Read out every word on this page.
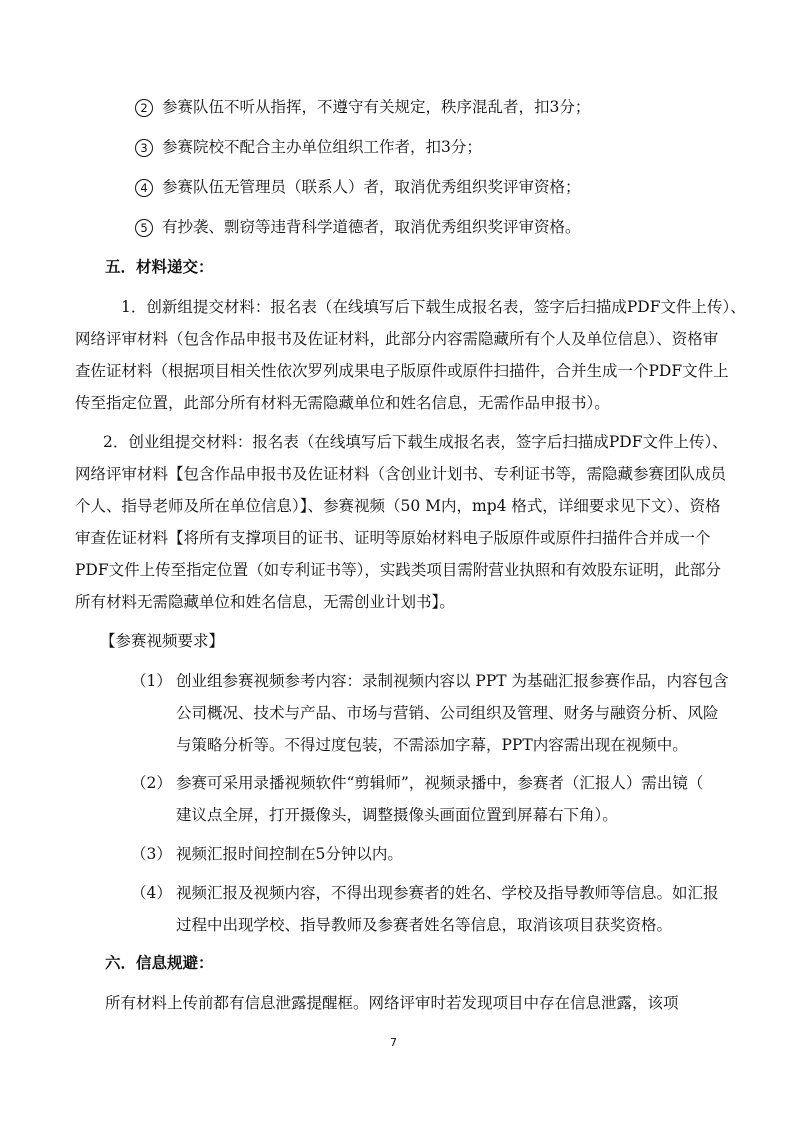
2 参赛队伍不听从指挥，不遵守有关规定，秩序混乱者，扣3分；
3 参赛院校不配合主办单位组织工作者，扣3分；
4 参赛队伍无管理员（联系人）者，取消优秀组织奖评审资格；
5 有抄袭、剽窃等违背科学道德者，取消优秀组织奖评审资格。
五．材料递交：
1．创新组提交材料：报名表（在线填写后下载生成报名表，签字后扫描成PDF文件上传）、
网络评审材料（包含作品申报书及佐证材料，此部分内容需隐藏所有个人及单位信息）、资格审
查佐证材料（根据项目相关性依次罗列成果电子版原件或原件扫描件，合并生成一个PDF文件上
传至指定位置，此部分所有材料无需隐藏单位和姓名信息，无需作品申报书）。
2．创业组提交材料：报名表（在线填写后下载生成报名表，签字后扫描成PDF文件上传）、
网络评审材料【包含作品申报书及佐证材料（含创业计划书、专利证书等，需隐藏参赛团队成员
个人、指导老师及所在单位信息）】、参赛视频（50 M内，mp4 格式，详细要求见下文）、资格
审查佐证材料【将所有支撑项目的证书、证明等原始材料电子版原件或原件扫描件合并成一个
PDF文件上传至指定位置（如专利证书等），实践类项目需附营业执照和有效股东证明，此部分
所有材料无需隐藏单位和姓名信息，无需创业计划书】。
【参赛视频要求】
（1） 创业组参赛视频参考内容：录制视频内容以 PPT 为基础汇报参赛作品，内容包含
公司概况、技术与产品、市场与营销、公司组织及管理、财务与融资分析、风险
与策略分析等。不得过度包装，不需添加字幕，PPT内容需出现在视频中。
（2） 参赛可采用录播视频软件“剪辑师”，视频录播中，参赛者（汇报人）需出镜（
建议点全屏，打开摄像头，调整摄像头画面位置到屏幕右下角）。
（3） 视频汇报时间控制在5分钟以内。
（4） 视频汇报及视频内容，不得出现参赛者的姓名、学校及指导教师等信息。如汇报
过程中出现学校、指导教师及参赛者姓名等信息，取消该项目获奖资格。
六．信息规避：
所有材料上传前都有信息泄露提醒框。网络评审时若发现项目中存在信息泄露，该项
7
